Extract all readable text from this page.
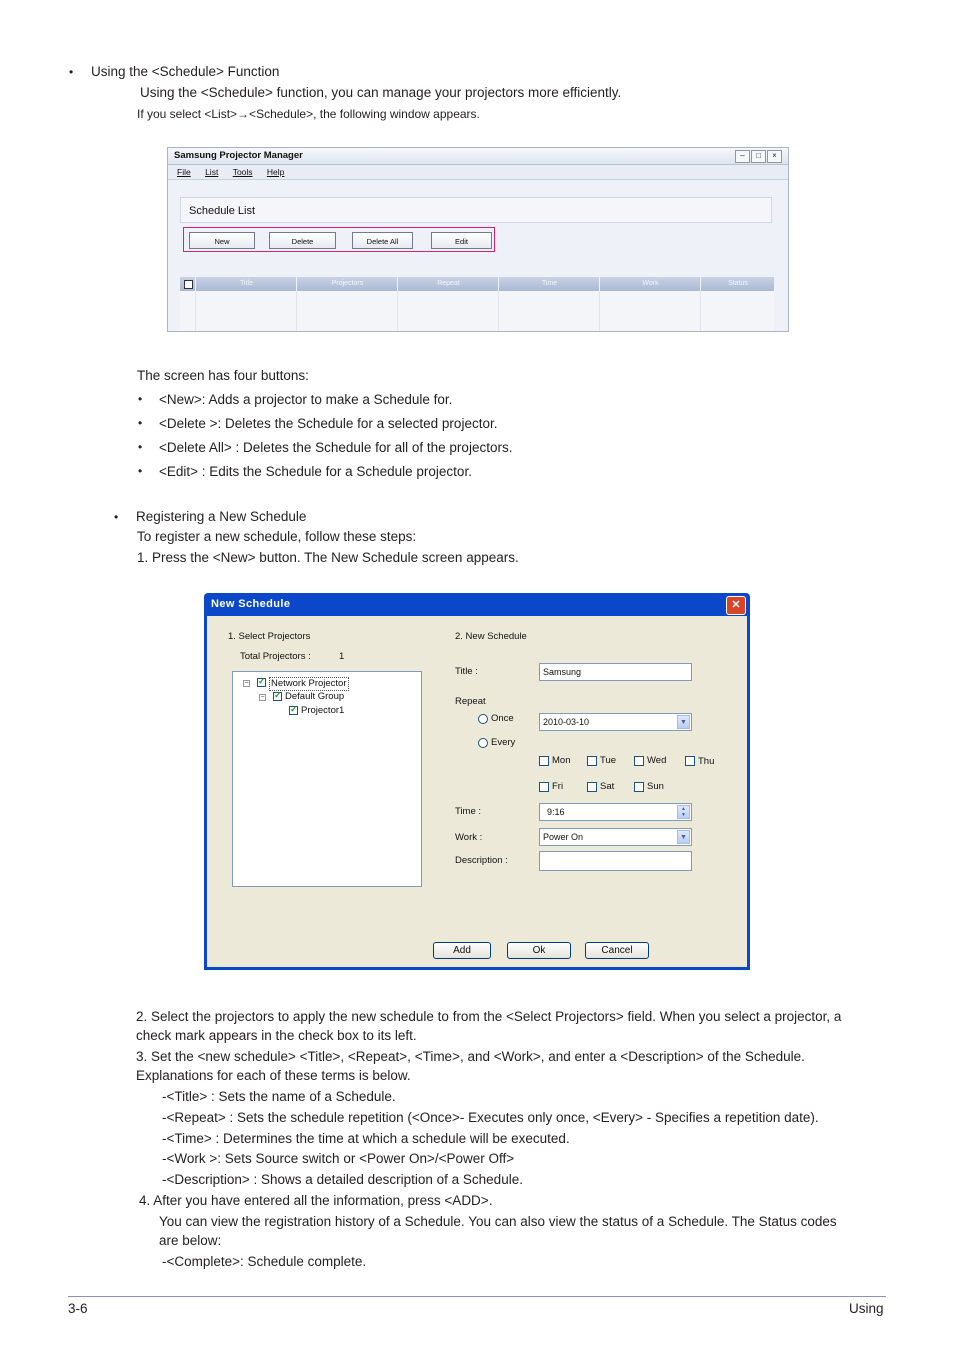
• Using the <Schedule> Function
Using the <Schedule> function, you can manage your projectors more efficiently.
If you select <List>→<Schedule>, the following window appears.
Samsung Projector Manager	–	□	×
File List Tools Help
Schedule List
New	Delete	Delete All	Edit
Title	Projectors	Repeat	Time	Work	Status
The screen has four buttons:
• <New>: Adds a projector to make a Schedule for.
• <Delete >: Deletes the Schedule for a selected projector.
• <Delete All> : Deletes the Schedule for all of the projectors.
• <Edit> : Edits the Schedule for a Schedule projector.
• Registering a New Schedule
To register a new schedule, follow these steps:
1. Press the <New> button. The New Schedule screen appears.
New Schedule	✕
1. Select Projectors
Total Projectors :	1
− ✓ Network Projector
− ✓ Default Group
✓
Projector1
2. New Schedule
Title :	Samsung
Repeat
Once	2010-03-10	▼
Every
Mon	Tue	Wed	Thu
Fri	Sat	Sun
Time :	9:16	▲
▼
Work :	Power On	▼
Description :
Add	Ok	Cancel
2. Select the projectors to apply the new schedule to from the <Select Projectors> field. When you select a projector, a
check mark appears in the check box to its left.
3. Set the <new schedule> <Title>, <Repeat>, <Time>, and <Work>, and enter a <Description> of the Schedule.
Explanations for each of these terms is below.
-<Title> : Sets the name of a Schedule.
-<Repeat> : Sets the schedule repetition (<Once>- Executes only once, <Every> - Specifies a repetition date).
-<Time> : Determines the time at which a schedule will be executed.
-<Work >: Sets Source switch or <Power On>/<Power Off>
-<Description> : Shows a detailed description of a Schedule.
4. After you have entered all the information, press <ADD>.
You can view the registration history of a Schedule. You can also view the status of a Schedule. The Status codes
are below:
-<Complete>: Schedule complete.
3-6	Using
